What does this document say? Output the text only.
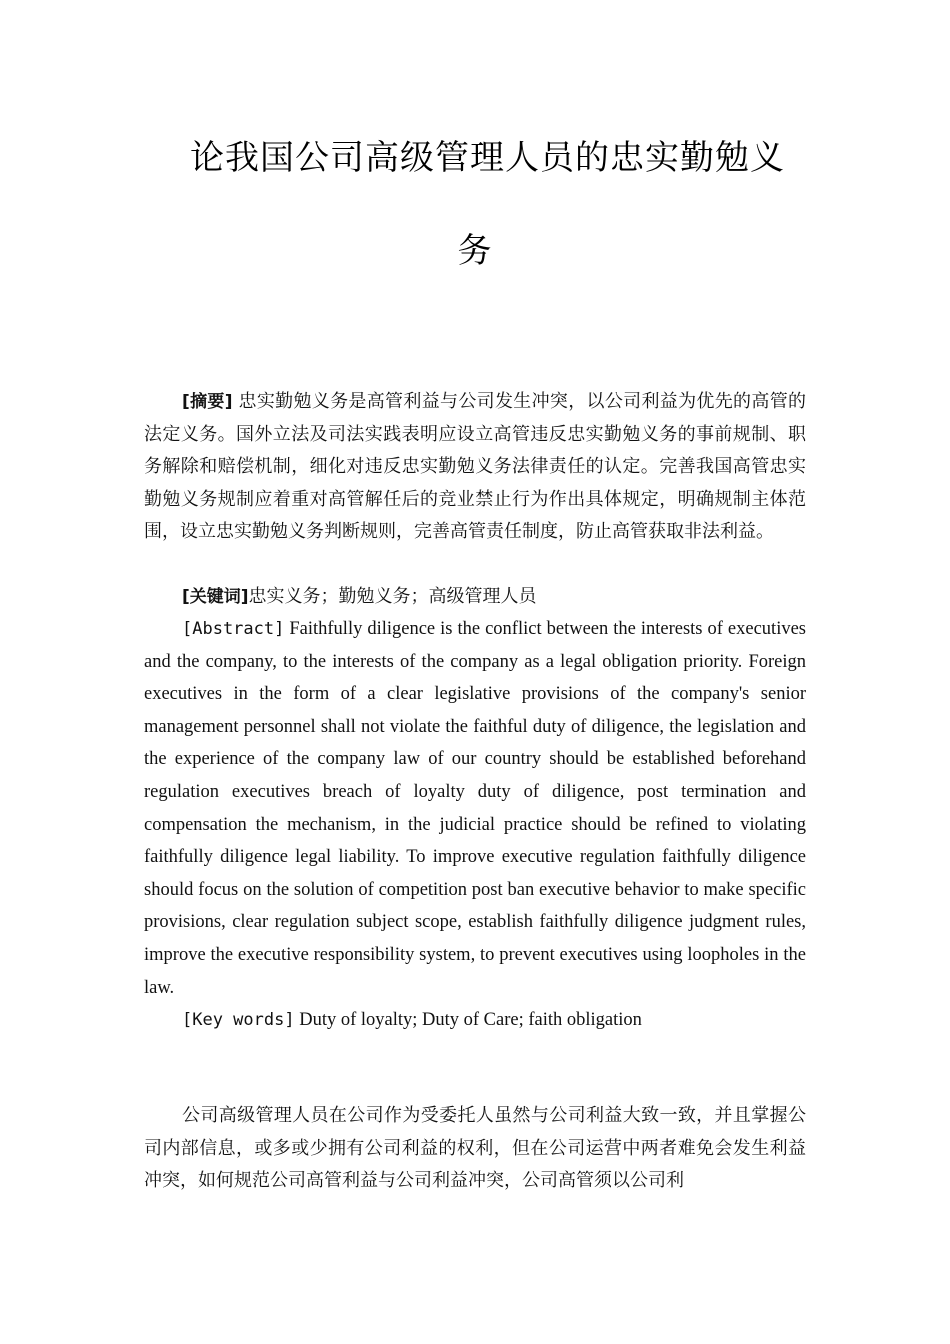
论我国公司高级管理人员的忠实勤勉义
务

[摘要] 忠实勤勉义务是高管利益与公司发生冲突，以公司利益为优先的高管的法定义务。国外立法及司法实践表明应设立高管违反忠实勤勉义务的事前规制、职务解除和赔偿机制，细化对违反忠实勤勉义务法律责任的认定。完善我国高管忠实勤勉义务规制应着重对高管解任后的竞业禁止行为作出具体规定，明确规制主体范围，设立忠实勤勉义务判断规则，完善高管责任制度，防止高管获取非法利益。

[关键词]忠实义务；勤勉义务；高级管理人员

[Abstract] Faithfully diligence is the conflict between the interests of executives and the company, to the interests of the company as a legal obligation priority. Foreign executives in the form of a clear legislative provisions of the company's senior management personnel shall not violate the faithful duty of diligence, the legislation and the experience of the company law of our country should be established beforehand regulation executives breach of loyalty duty of diligence, post termination and compensation the mechanism, in the judicial practice should be refined to violating faithfully diligence legal liability. To improve executive regulation faithfully diligence should focus on the solution of competition post ban executive behavior to make specific provisions, clear regulation subject scope, establish faithfully diligence judgment rules, improve the executive responsibility system, to prevent executives using loopholes in the law.

[Key words] Duty of loyalty; Duty of Care; faith obligation

公司高级管理人员在公司作为受委托人虽然与公司利益大致一致，并且掌握公司内部信息，或多或少拥有公司利益的权利，但在公司运营中两者难免会发生利益冲突，如何规范公司高管利益与公司利益冲突，公司高管须以公司利
